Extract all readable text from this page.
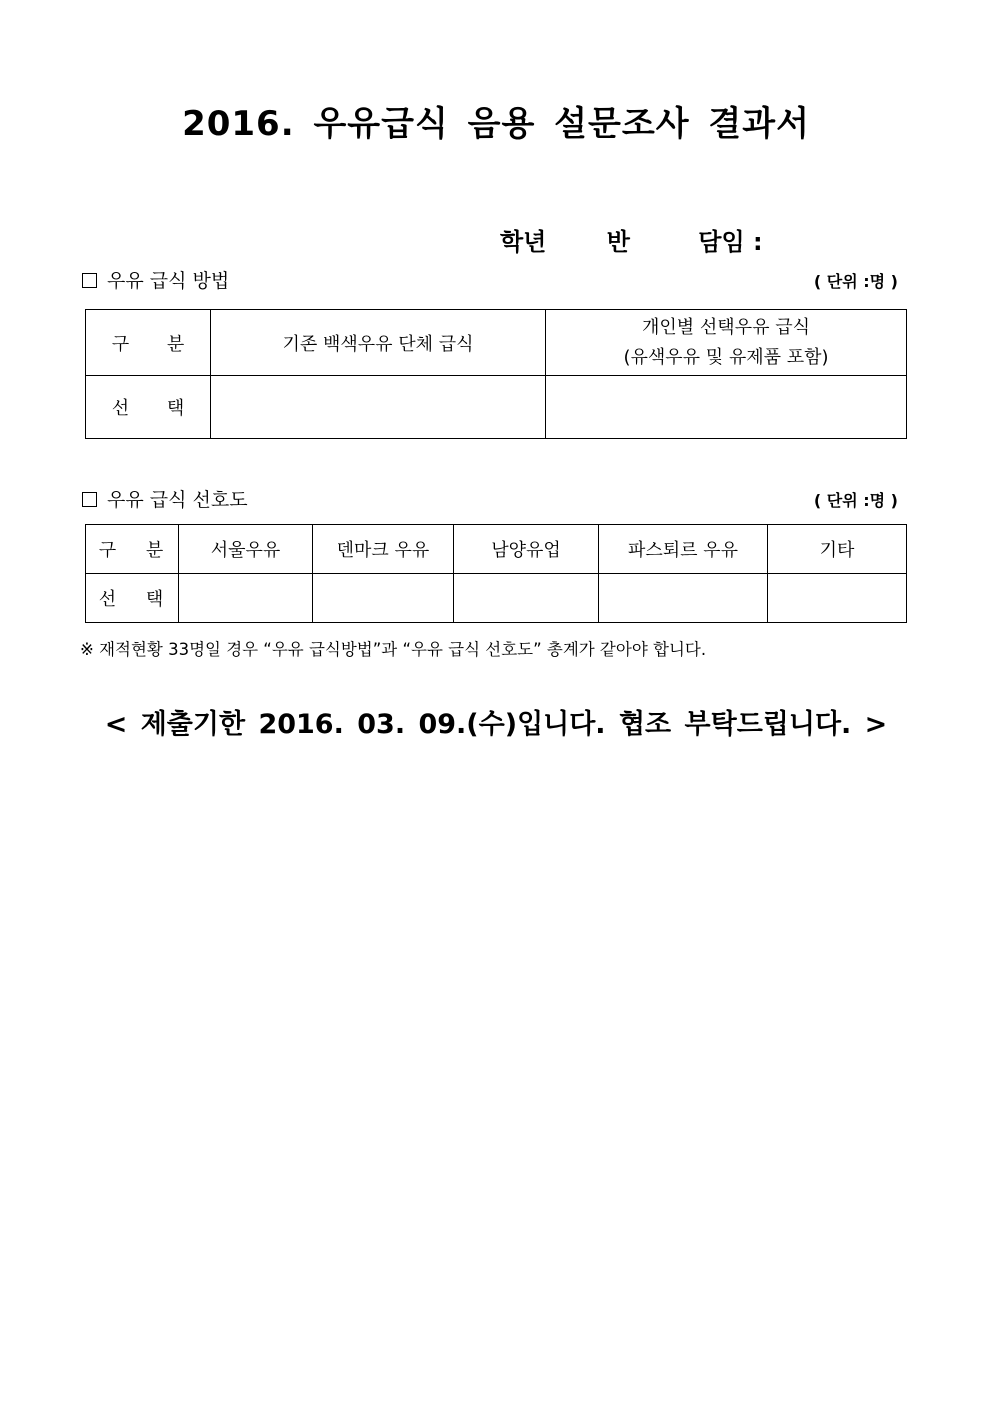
2016. 우유급식 음용 설문조사 결과서
학년	반	담임 :
우유 급식 방법	( 단위 :명 )
구 분	기존 백색우유 단체 급식	개인별 선택우유 급식
(유색우유 및 유제품 포함)

선 택		
우유 급식 선호도	( 단위 :명 )
구 분	서울우유	덴마크 우유	남양유업	파스퇴르 우유	기타
선 택					
※ 재적현황 33명일 경우 “우유 급식방법”과 “우유 급식 선호도” 총계가 같아야 합니다.
< 제출기한 2016. 03. 09.(수)입니다. 협조 부탁드립니다. >
